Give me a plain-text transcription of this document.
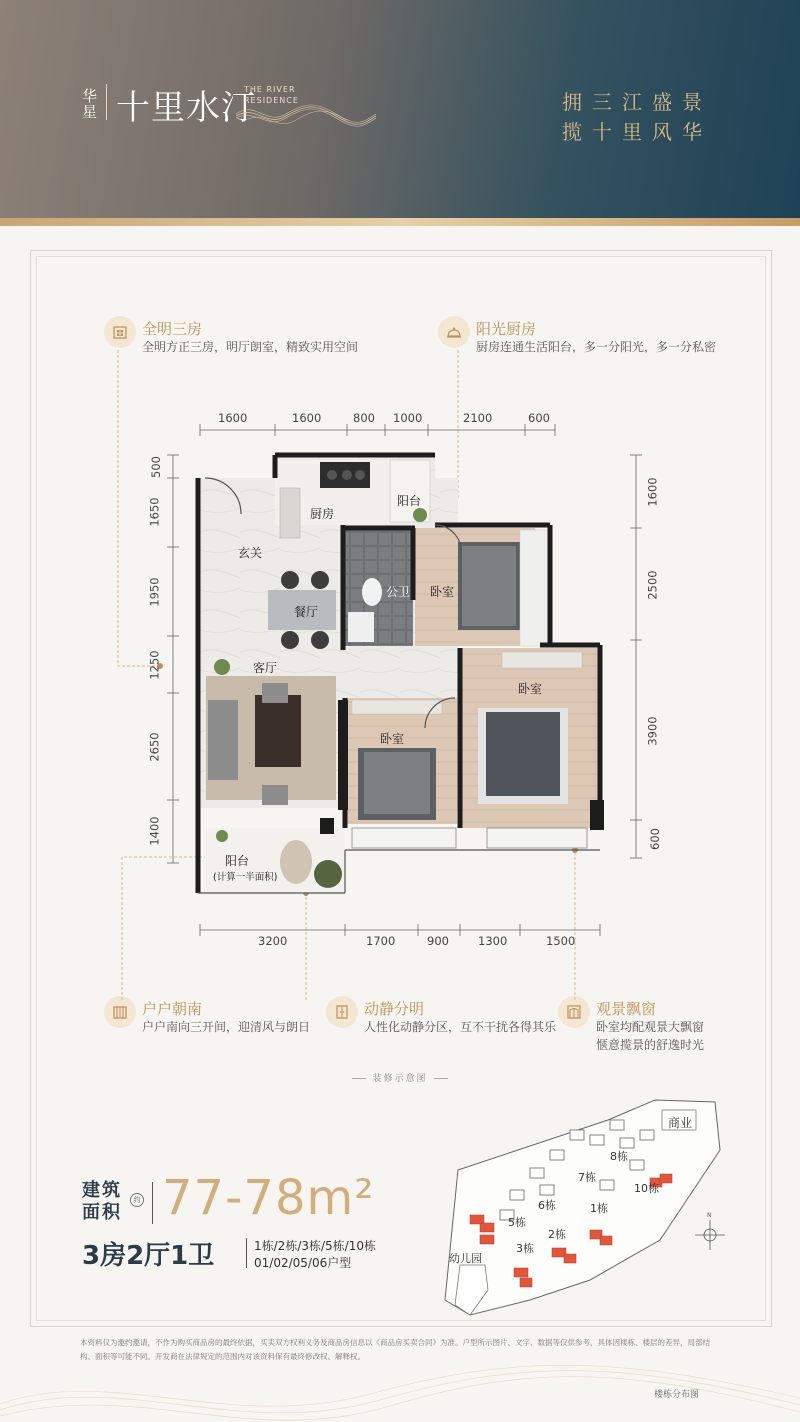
华星 十里水汀
THE RIVER
RESIDENCE	拥三江盛景
揽十里风华
全明三房
全明方正三房，明厅朗室，精致实用空间
阳光厨房
厨房连通生活阳台，多一分阳光，多一分私密
户户朝南
户户南向三开间，迎清风与朗日
动静分明
人性化动静分区，互不干扰各得其乐
观景飘窗
卧室均配观景大飘窗
惬意揽景的舒逸时光
1600	1600	800 1000	2100	600
3200	1700	900	1300	1500
500
1650
1950
1250
2650
1400
1600
2500
3900
600
厨房
阳台
玄关
餐厅
公卫 卧室
卧室
卧室
客厅
阳台
(计算一半面积)
装修示意图
建筑
面积
约 77-78m²
3房2厅1卫	1栋/2栋/3栋/5栋/10栋
01/02/05/06户型
N
商业
8栋
7栋
10栋
6栋
5栋
1栋
2栋
3栋
幼儿园
本资料仅为邀约邀请，不作为购买商品房的最终依据，买卖双方权利义务及商品房信息以《商品房买卖合同》为准。户型所示图片、文字、数据等仅供参考，具体因楼栋、楼层的差异，局部结构、面积等可能不同。开发商在法律规定的范围内对该资料保有最终修改权、解释权。
楼栋分布图
